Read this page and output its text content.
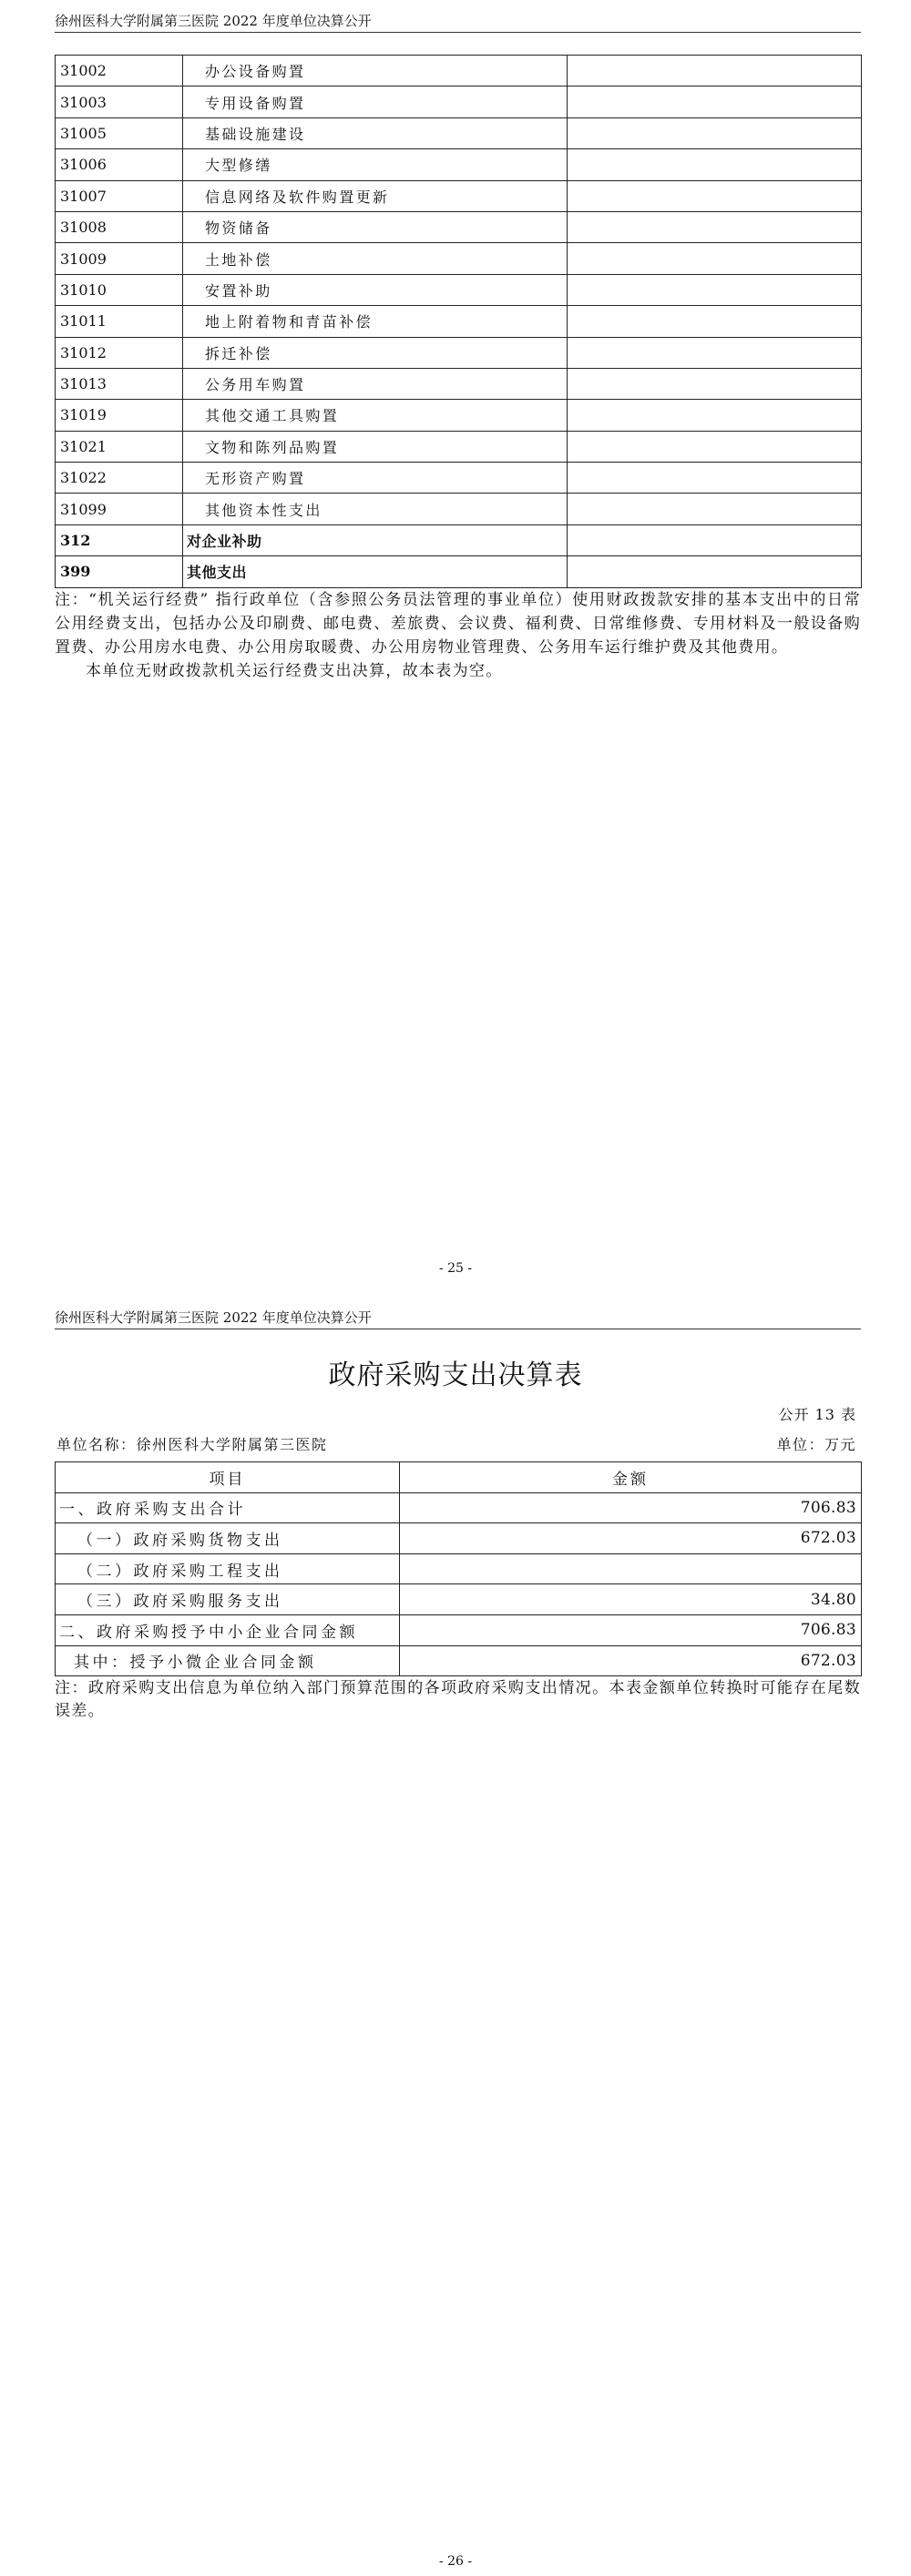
徐州医科大学附属第三医院 2022 年度单位决算公开
31002	办公设备购置	
31003	专用设备购置	
31005	基础设施建设	
31006	大型修缮	
31007	信息网络及软件购置更新	
31008	物资储备	
31009	土地补偿	
31010	安置补助	
31011	地上附着物和青苗补偿	
31012	拆迁补偿	
31013	公务用车购置	
31019	其他交通工具购置	
31021	文物和陈列品购置	
31022	无形资产购置	
31099	其他资本性支出	
312	对企业补助	
399	其他支出	

注：“机关运行经费” 指行政单位（含参照公务员法管理的事业单位）使用财政拨款安排的基本支出中的日常公用经费支出，包括办公及印刷费、邮电费、差旅费、会议费、福利费、日常维修费、专用材料及一般设备购置费、办公用房水电费、办公用房取暖费、办公用房物业管理费、公务用车运行维护费及其他费用。

本单位无财政拨款机关运行经费支出决算，故本表为空。

- 25 -
徐州医科大学附属第三医院 2022 年度单位决算公开
政府采购支出决算表
公开 13 表
单位名称：徐州医科大学附属第三医院	单位：万元
项目	金额
一、政府采购支出合计	706.83
（一）政府采购货物支出	672.03
（二）政府采购工程支出	
（三）政府采购服务支出	34.80
二、政府采购授予中小企业合同金额	706.83
其中：授予小微企业合同金额	672.03

注：政府采购支出信息为单位纳入部门预算范围的各项政府采购支出情况。本表金额单位转换时可能存在尾数误差。

- 26 -
